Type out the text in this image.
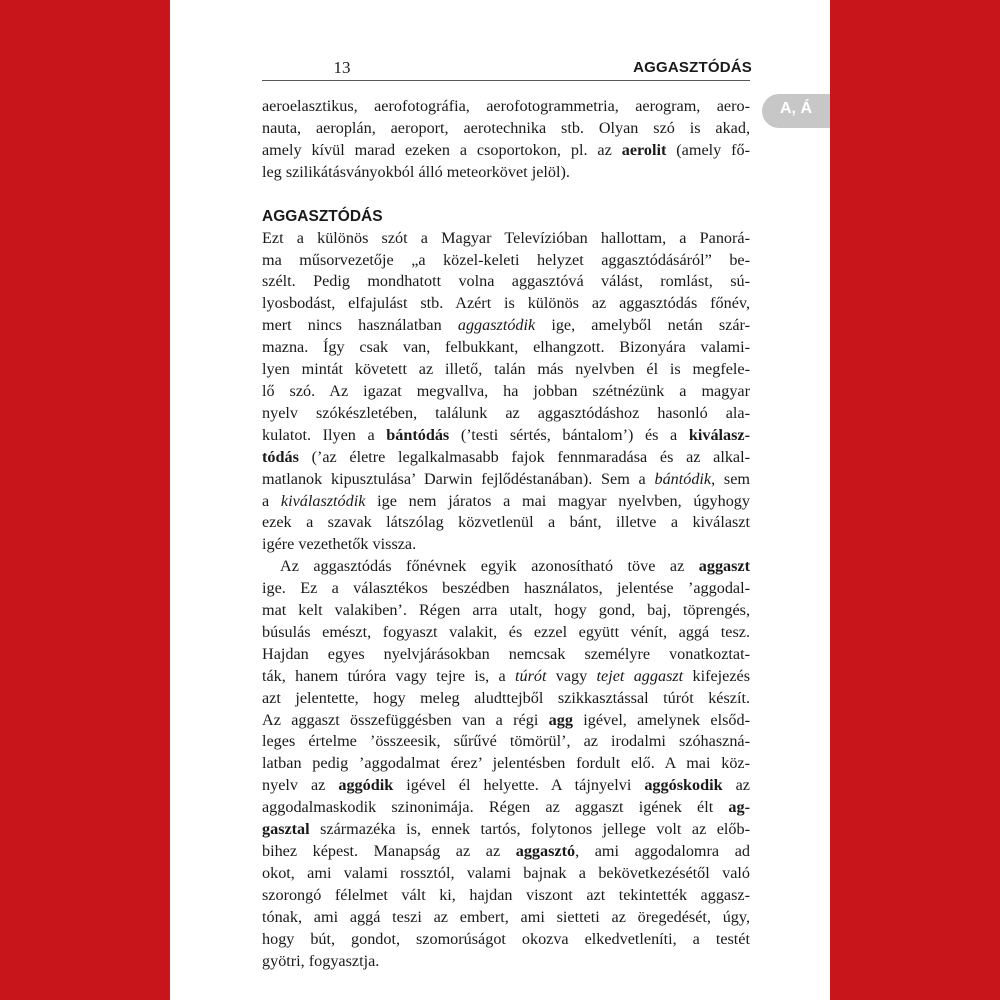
13	AGGASZTÓDÁS
A, Á

aeroelasztikus, aerofotográfia, aerofotogrammetria, aerogram, aero-
nauta, aeroplán, aeroport, aerotechnika stb. Olyan szó is akad,
amely kívül marad ezeken a csoportokon, pl. az aerolit (amely fő-
leg szilikátásványokból álló meteorkövet jelöl).

AGGASZTÓDÁS

Ezt a különös szót a Magyar Televízióban hallottam, a Panorá-
ma műsorvezetője „a közel-keleti helyzet aggasztódásáról” be-
szélt. Pedig mondhatott volna aggasztóvá válást, romlást, sú-
lyosbodást, elfajulást stb. Azért is különös az aggasztódás főnév,
mert nincs használatban aggasztódik ige, amelyből netán szár-
mazna. Így csak van, felbukkant, elhangzott. Bizonyára valami-
lyen mintát követett az illető, talán más nyelvben él is megfele-
lő szó. Az igazat megvallva, ha jobban szétnézünk a magyar
nyelv szókészletében, találunk az aggasztódáshoz hasonló ala-
kulatot. Ilyen a bántódás (’testi sértés, bántalom’) és a kiválasz-
tódás (’az életre legalkalmasabb fajok fennmaradása és az alkal-
matlanok kipusztulása’ Darwin fejlődéstanában). Sem a bántódik, sem
a kiválasztódik ige nem járatos a mai magyar nyelvben, úgyhogy
ezek a szavak látszólag közvetlenül a bánt, illetve a kiválaszt
igére vezethetők vissza.

Az aggasztódás főnévnek egyik azonosítható töve az aggaszt
ige. Ez a választékos beszédben használatos, jelentése ’aggodal-
mat kelt valakiben’. Régen arra utalt, hogy gond, baj, töprengés,
búsulás emészt, fogyaszt valakit, és ezzel együtt vénít, aggá tesz.
Hajdan egyes nyelvjárásokban nemcsak személyre vonatkoztat-
ták, hanem túróra vagy tejre is, a túrót vagy tejet aggaszt kifejezés
azt jelentette, hogy meleg aludttejből szikkasztással túrót készít.
Az aggaszt összefüggésben van a régi agg igével, amelynek elsőd-
leges értelme ’összeesik, sűrűvé tömörül’, az irodalmi szóhaszná-
latban pedig ’aggodalmat érez’ jelentésben fordult elő. A mai köz-
nyelv az aggódik igével él helyette. A tájnyelvi aggóskodik az
aggodalmaskodik szinonimája. Régen az aggaszt igének élt ag-
gasztal származéka is, ennek tartós, folytonos jellege volt az előb-
bihez képest. Manapság az az aggasztó, ami aggodalomra ad
okot, ami valami rossztól, valami bajnak a bekövetkezésétől való
szorongó félelmet vált ki, hajdan viszont azt tekintették aggasz-
tónak, ami aggá teszi az embert, ami sietteti az öregedését, úgy,
hogy bút, gondot, szomorúságot okozva elkedvetleníti, a testét
gyötri, fogyasztja.
